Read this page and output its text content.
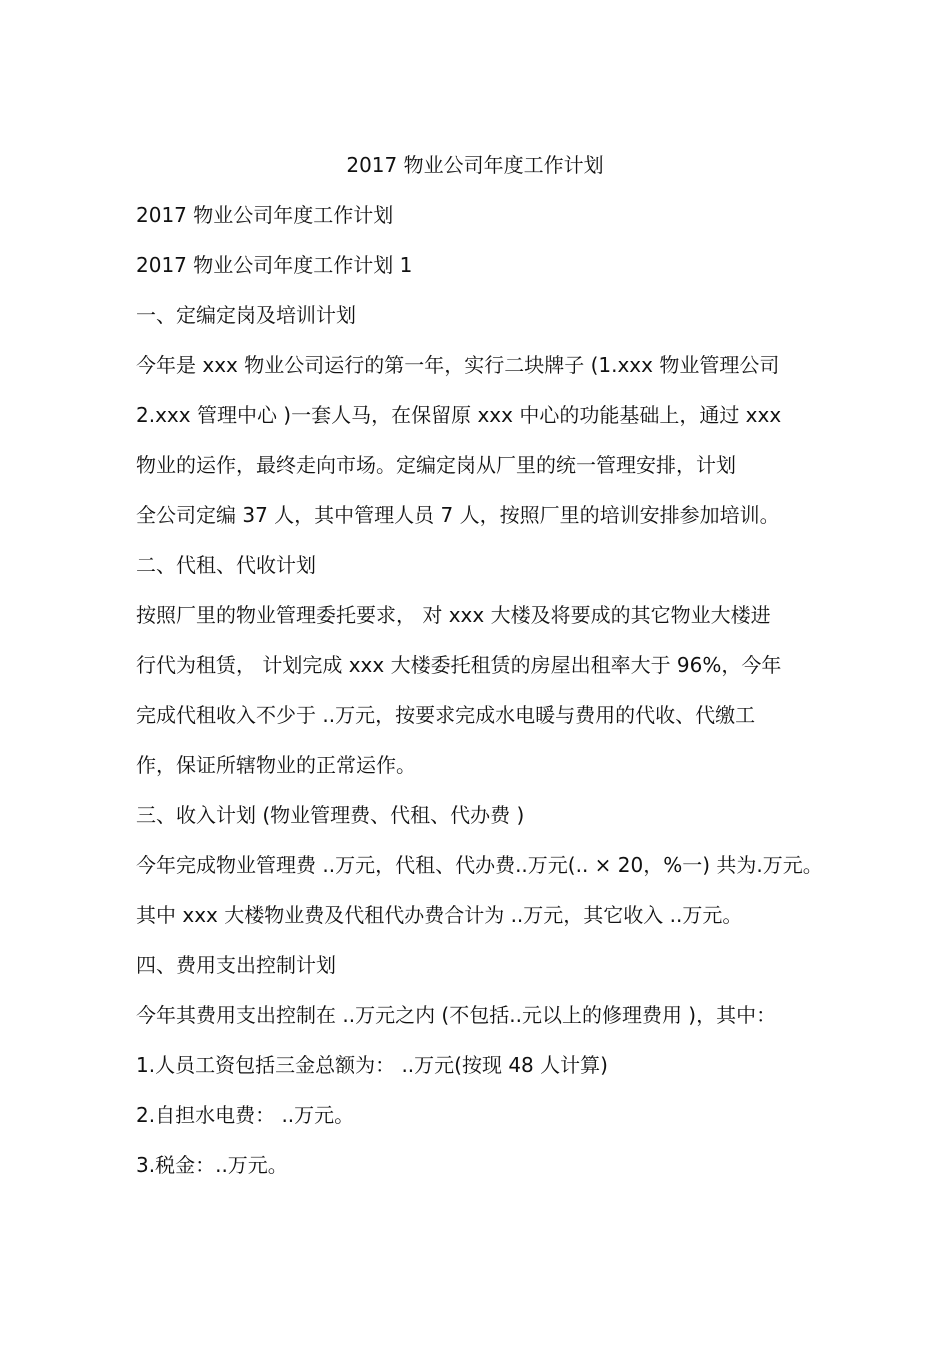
2017 物业公司年度工作计划
2017 物业公司年度工作计划
2017 物业公司年度工作计划 1
一、定编定岗及培训计划
今年是 xxx 物业公司运行的第一年，实行二块牌子 (1.xxx 物业管理公司
2.xxx 管理中心 )一套人马，在保留原 xxx 中心的功能基础上，通过 xxx
物业的运作，最终走向市场。定编定岗从厂里的统一管理安排，计划
全公司定编 37 人，其中管理人员 7 人，按照厂里的培训安排参加培训。
二、代租、代收计划
按照厂里的物业管理委托要求， 对 xxx 大楼及将要成的其它物业大楼进
行代为租赁， 计划完成 xxx 大楼委托租赁的房屋出租率大于 96%，今年
完成代租收入不少于 ..万元，按要求完成水电暖与费用的代收、代缴工
作，保证所辖物业的正常运作。
三、收入计划 (物业管理费、代租、代办费 )
今年完成物业管理费 ..万元，代租、代办费..万元(.. × 20，%一) 共为.万元。
其中 xxx 大楼物业费及代租代办费合计为 ..万元，其它收入 ..万元。
四、费用支出控制计划
今年其费用支出控制在 ..万元之内 (不包括..元以上的修理费用 )，其中：
1.人员工资包括三金总额为： ..万元(按现 48 人计算)
2.自担水电费： ..万元。
3.税金：..万元。
